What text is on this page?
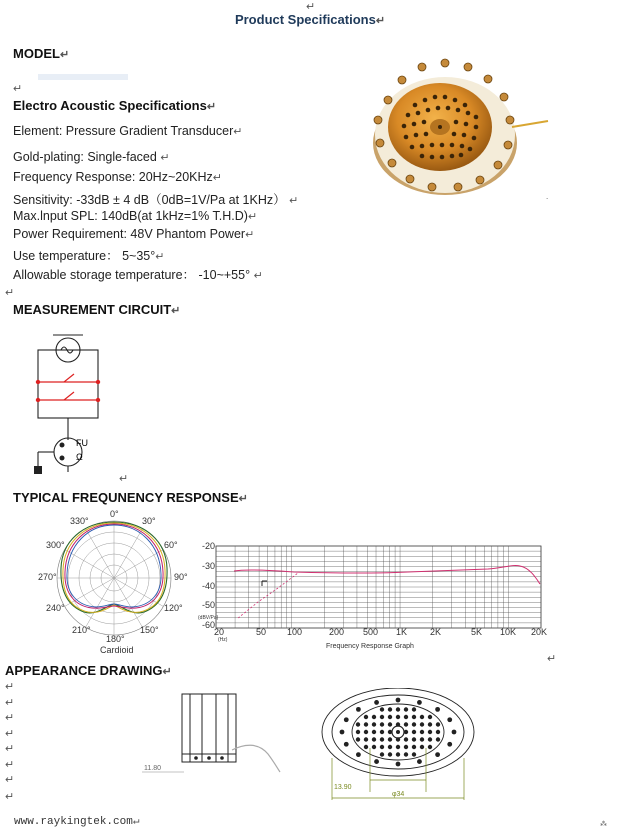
Product Specifications↵
↵
MODEL↵
↵
Electro Acoustic Specifications↵
Element: Pressure Gradient Transducer↵
Gold-plating: Single-faced ↵
Frequency Response: 20Hz~20KHz↵
Sensitivity: -33dB ± 4 dB（0dB=1V/Pa at 1KHz） ↵
Max.lnput SPL: 140dB(at 1kHz=1% T.H.D)↵
Power Requirement: 48V Phantom Power↵
Use temperature： 5~35°↵
Allowable storage temperature： -10~+55° ↵
↵
.
MEASUREMENT CIRCUIT↵
FU
Ω
↵
TYPICAL FREQUNENCY RESPONSE↵
0°
30°
60°
90°
120°
150°
180°
210°
240°
270°
300°
330°
Cardioid
-20
-30
-40
-50
-60
(dBV/Pa)
20	50 100	200 500 1K	2K	5K 10K 20K
(Hz)
Frequency Response Graph
↵
APPEARANCE DRAWING↵
↵
↵
↵
↵
↵
↵
↵
11.80
13.90
φ34
www.raykingtek.com↵
↵
⁂
